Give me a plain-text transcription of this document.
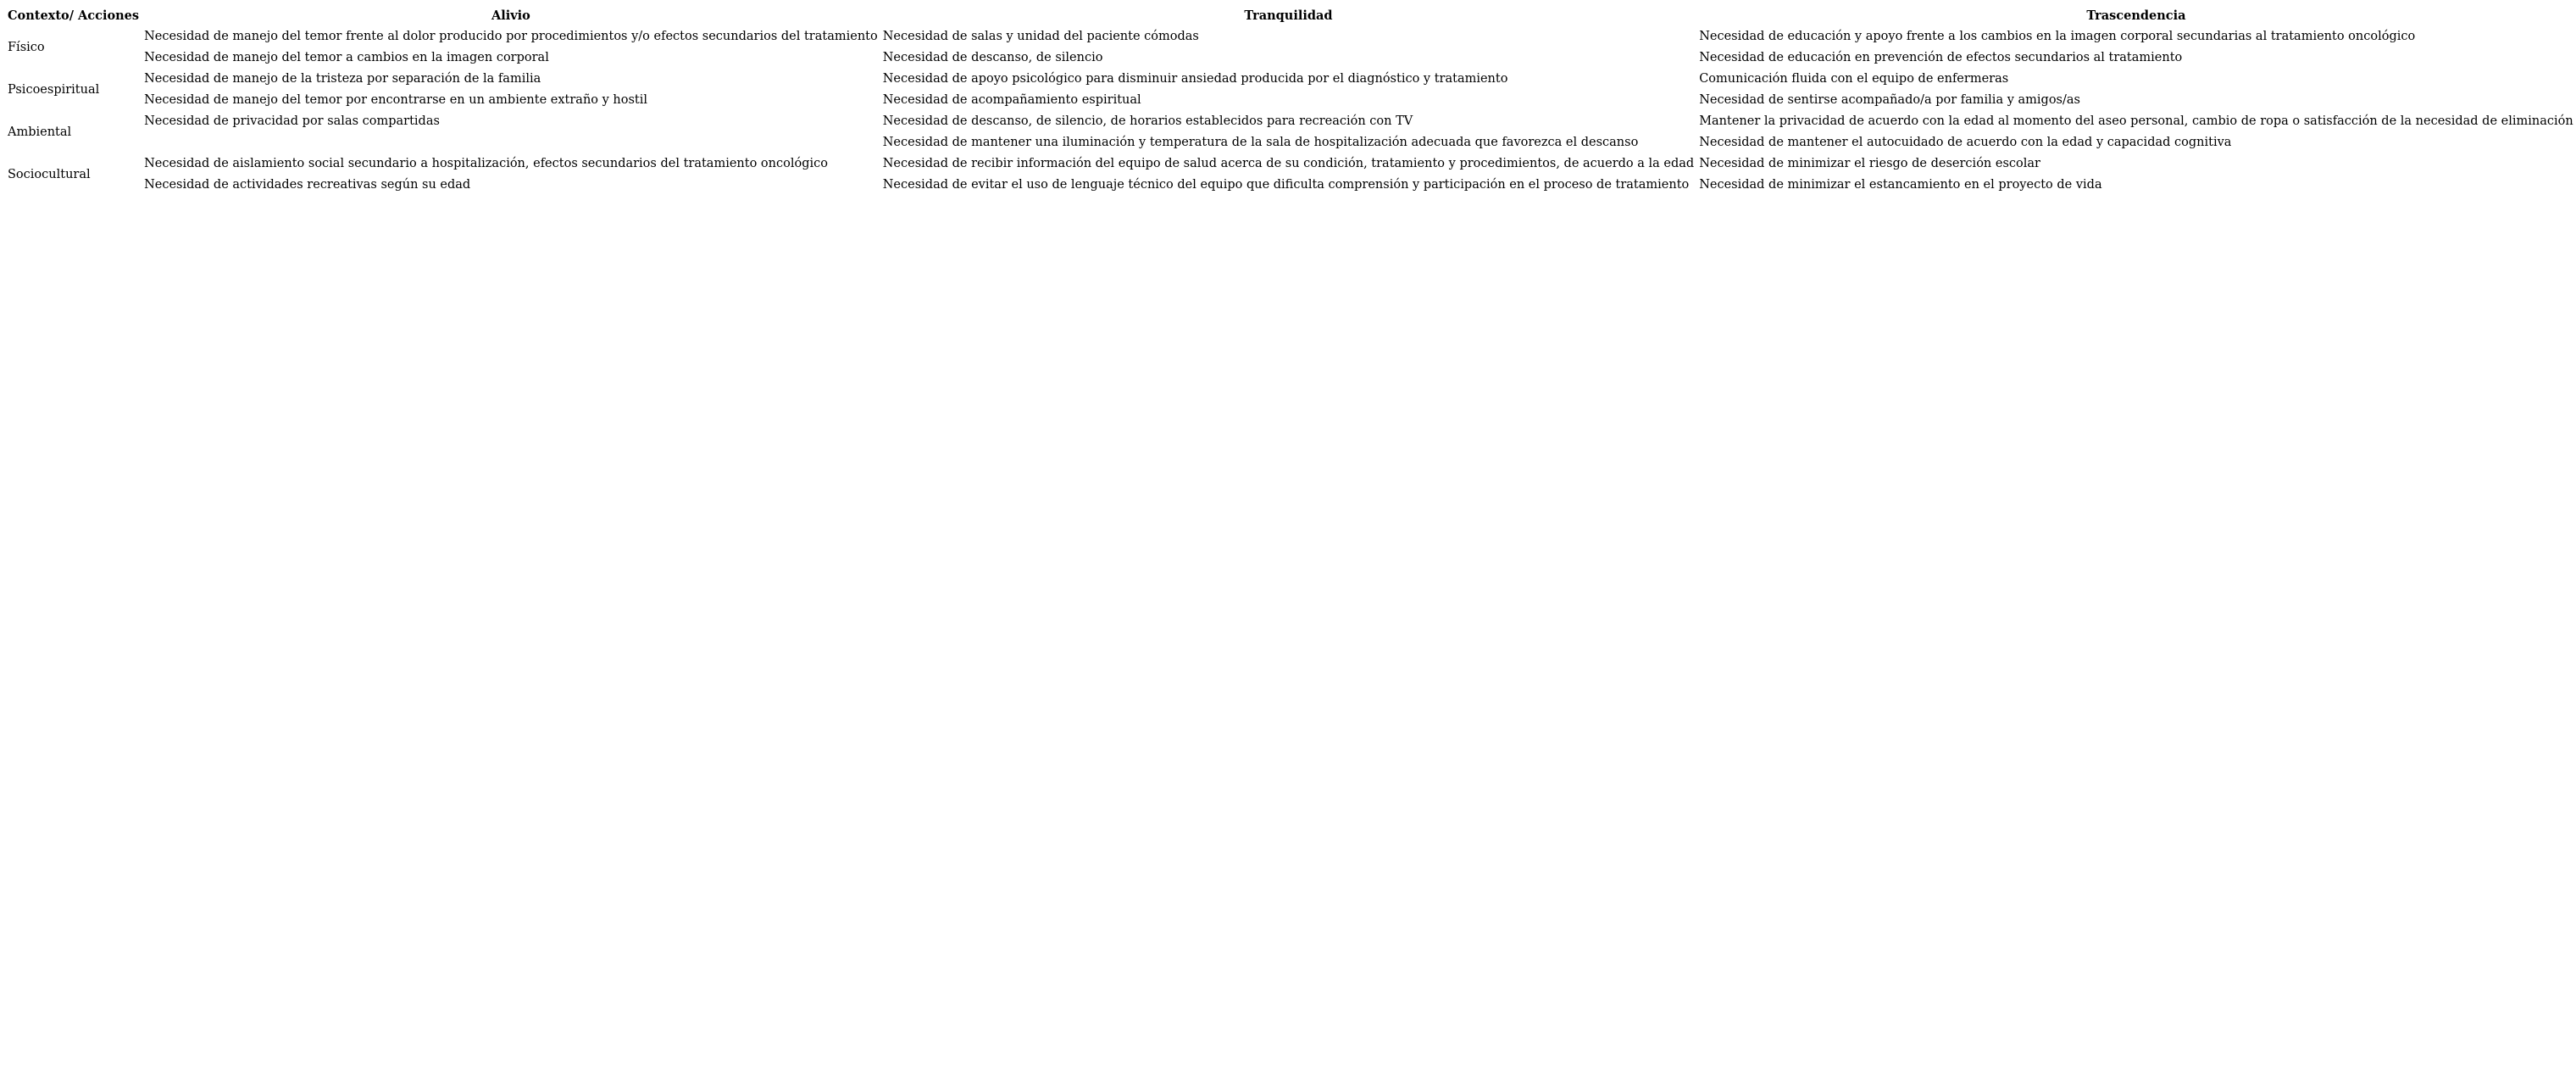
Contexto/ Acciones	Alivio	Tranquilidad	Trascendencia
Físico	Necesidad de manejo del temor frente al dolor producido por procedimientos y/o efectos secundarios del tratamiento	Necesidad de salas y unidad del paciente cómodas	Necesidad de educación y apoyo frente a los cambios en la imagen corporal secundarias al tratamiento oncológico
	Necesidad de manejo del temor a cambios en la imagen corporal	Necesidad de descanso, de silencio	Necesidad de educación en prevención de efectos secundarios al tratamiento
Psicoespiritual	Necesidad de manejo de la tristeza por separación de la familia	Necesidad de apoyo psicológico para disminuir ansiedad producida por el diagnóstico y tratamiento	Comunicación fluida con el equipo de enfermeras
	Necesidad de manejo del temor por encontrarse en un ambiente extraño y hostil	Necesidad de acompañamiento espiritual	Necesidad de sentirse acompañado/a por familia y amigos/as
Ambiental	Necesidad de privacidad por salas compartidas	Necesidad de descanso, de silencio, de horarios establecidos para recreación con TV	Mantener la privacidad de acuerdo con la edad al momento del aseo personal, cambio de ropa o satisfacción de la necesidad de eliminación
		Necesidad de mantener una iluminación y temperatura de la sala de hospitalización adecuada que favorezca el descanso	Necesidad de mantener el autocuidado de acuerdo con la edad y capacidad cognitiva
Sociocultural	Necesidad de aislamiento social secundario a hospitalización, efectos secundarios del tratamiento oncológico	Necesidad de recibir información del equipo de salud acerca de su condición, tratamiento y procedimientos, de acuerdo a la edad	Necesidad de minimizar el riesgo de deserción escolar
	Necesidad de actividades recreativas según su edad	Necesidad de evitar el uso de lenguaje técnico del equipo que dificulta comprensión y participación en el proceso de tratamiento	Necesidad de minimizar el estancamiento en el proyecto de vida
